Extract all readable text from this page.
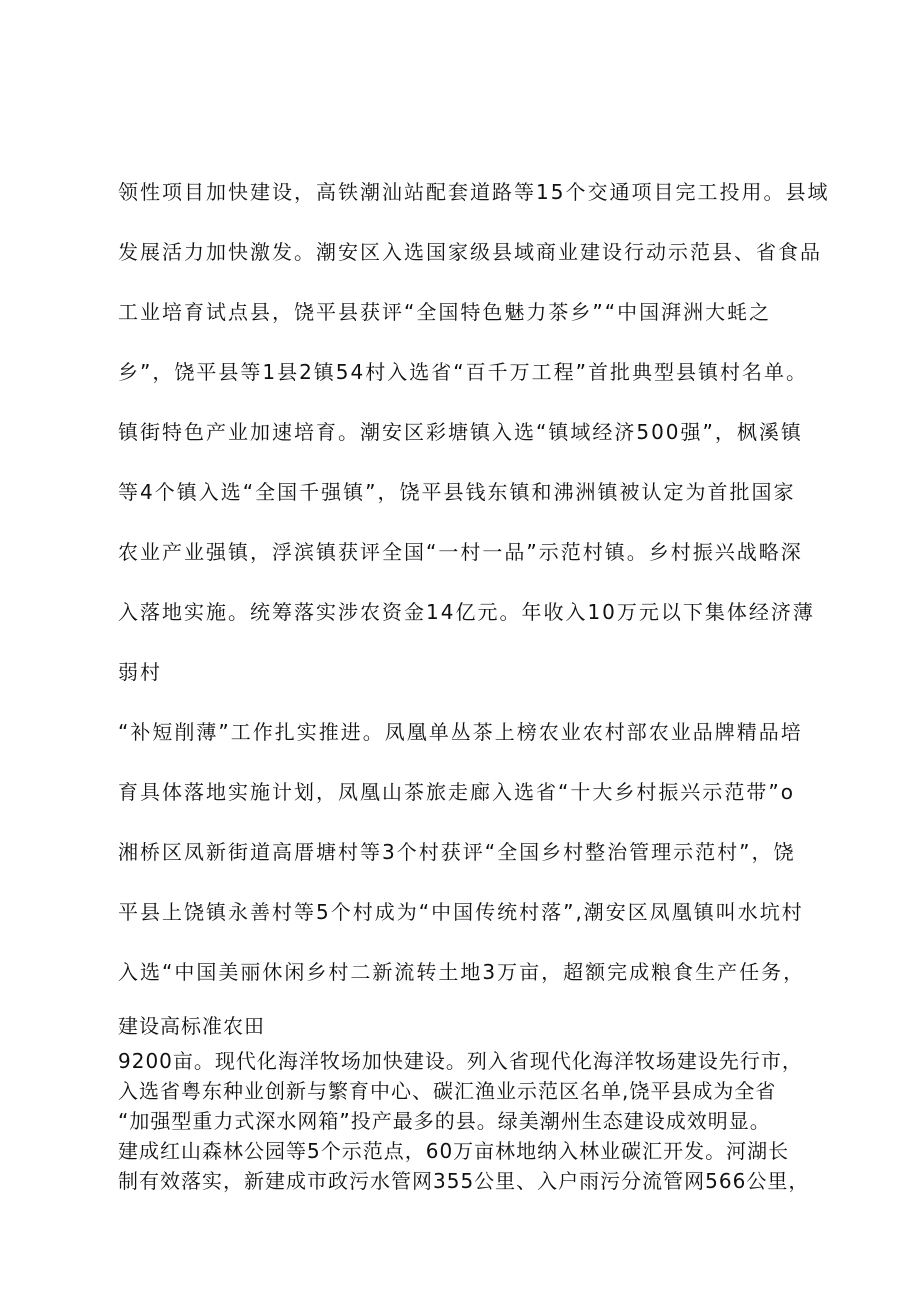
领性项目加快建设，高铁潮汕站配套道路等15个交通项目完工投用。县域
发展活力加快激发。潮安区入选国家级县域商业建设行动示范县、省食品
工业培育试点县，饶平县获评“全国特色魅力茶乡”“中国湃洲大蚝之
乡”，饶平县等1县2镇54村入选省“百千万工程”首批典型县镇村名单。
镇街特色产业加速培育。潮安区彩塘镇入选“镇域经济500强”，枫溪镇
等4个镇入选“全国千强镇”，饶平县钱东镇和沸洲镇被认定为首批国家
农业产业强镇，浮滨镇获评全国“一村一品”示范村镇。乡村振兴战略深
入落地实施。统筹落实涉农资金14亿元。年收入10万元以下集体经济薄
弱村
“补短削薄”工作扎实推进。凤凰单丛茶上榜农业农村部农业品牌精品培
育具体落地实施计划，凤凰山茶旅走廊入选省“十大乡村振兴示范带”o
湘桥区凤新街道高厝塘村等3个村获评“全国乡村整治管理示范村”，饶
平县上饶镇永善村等5个村成为“中国传统村落”,潮安区凤凰镇叫水坑村
入选“中国美丽休闲乡村二新流转土地3万亩，超额完成粮食生产任务，
建设高标准农田
9200亩。现代化海洋牧场加快建设。列入省现代化海洋牧场建设先行市，
入选省粤东种业创新与繁育中心、碳汇渔业示范区名单,饶平县成为全省
“加强型重力式深水网箱”投产最多的县。绿美潮州生态建设成效明显。
建成红山森林公园等5个示范点，60万亩林地纳入林业碳汇开发。河湖长
制有效落实，新建成市政污水管网355公里、入户雨污分流管网566公里，
